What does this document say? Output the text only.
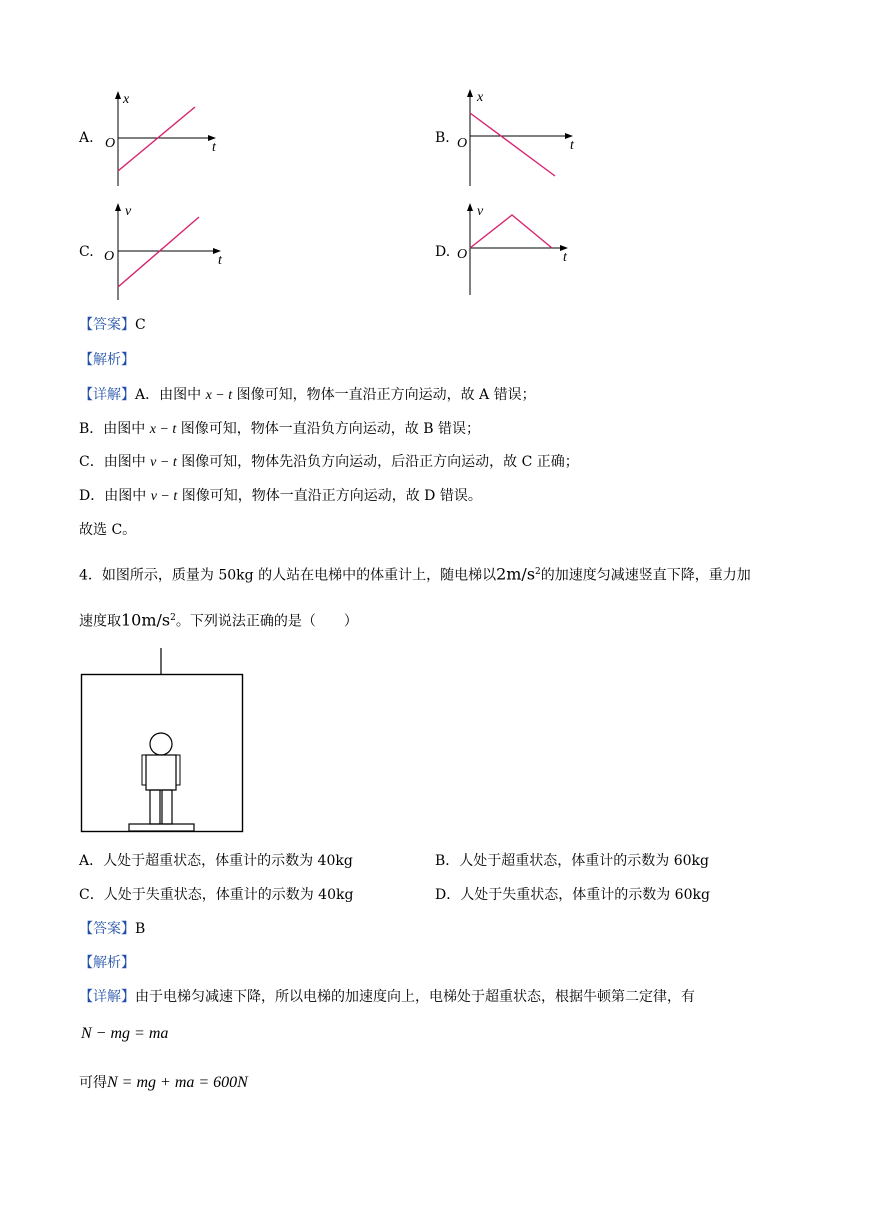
A.
x
O	t
B.
x
O	t
C.
v
O	t
D.
v
O	t
【答案】C
【解析】
【详解】A．由图中 x − t 图像可知，物体一直沿正方向运动，故 A 错误；
B．由图中 x − t 图像可知，物体一直沿负方向运动，故 B 错误；
C．由图中 v − t 图像可知，物体先沿负方向运动，后沿正方向运动，故 C 正确；
D．由图中 v − t 图像可知，物体一直沿正方向运动，故 D 错误。
故选 C。
4．如图所示，质量为 50kg 的人站在电梯中的体重计上，随电梯以$2m/s^2$的加速度匀减速竖直下降，重力加
速度取$10m/s^2$。下列说法正确的是（　　）
A．人处于超重状态，体重计的示数为 40kg	B．人处于超重状态，体重计的示数为 60kg
C．人处于失重状态，体重计的示数为 40kg	D．人处于失重状态，体重计的示数为 60kg
【答案】B
【解析】
【详解】由于电梯匀减速下降，所以电梯的加速度向上，电梯处于超重状态，根据牛顿第二定律，有
N − mg = ma
可得N = mg + ma = 600N
